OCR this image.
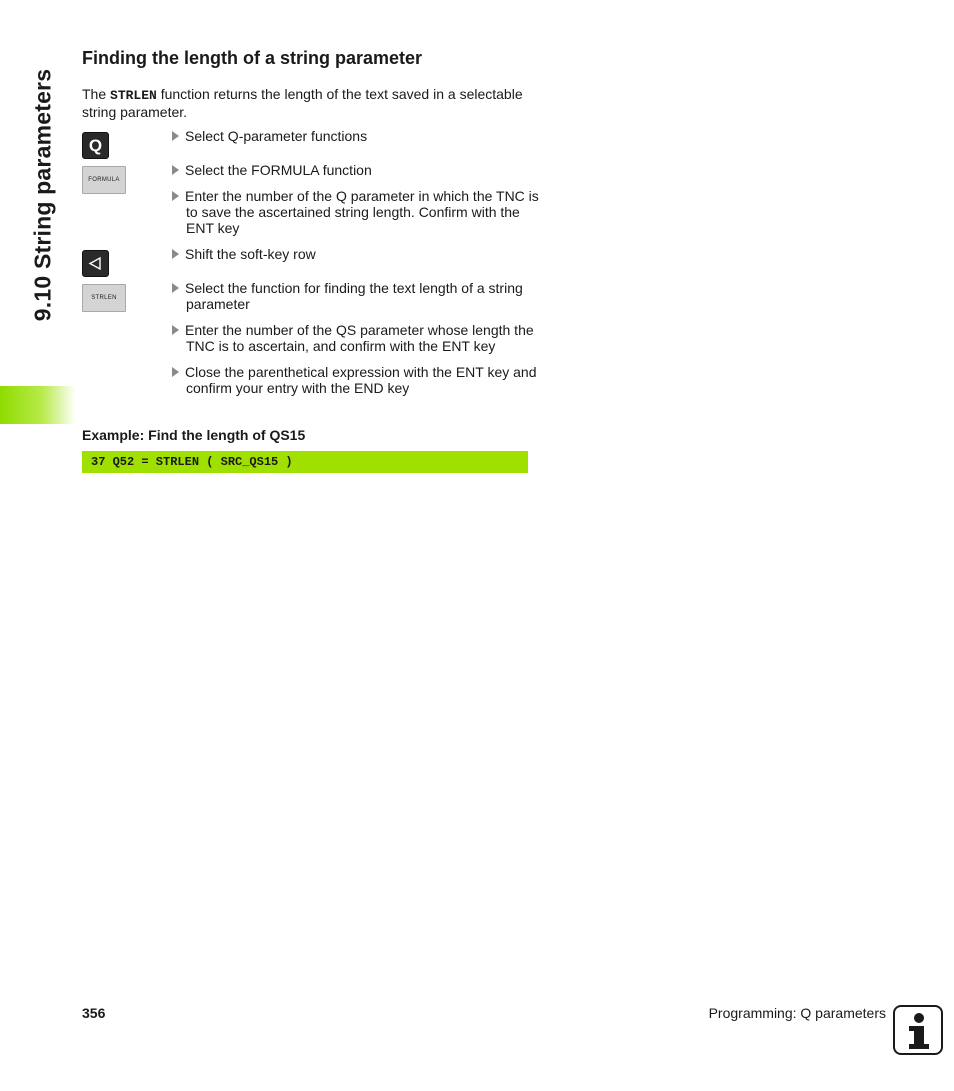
9.10 String parameters
Finding the length of a string parameter

The STRLEN function returns the length of the text saved in a selectable string parameter.

Q
FORMULA
STRLEN

Select Q-parameter functions

Select the FORMULA function

Enter the number of the Q parameter in which the TNC is to save the ascertained string length. Confirm with the ENT key

Shift the soft-key row

Select the function for finding the text length of a string parameter

Enter the number of the QS parameter whose length the TNC is to ascertain, and confirm with the ENT key

Close the parenthetical expression with the ENT key and confirm your entry with the END key

Example: Find the length of QS15

37 Q52 = STRLEN ( SRC_QS15 )
356	Programming: Q parameters
